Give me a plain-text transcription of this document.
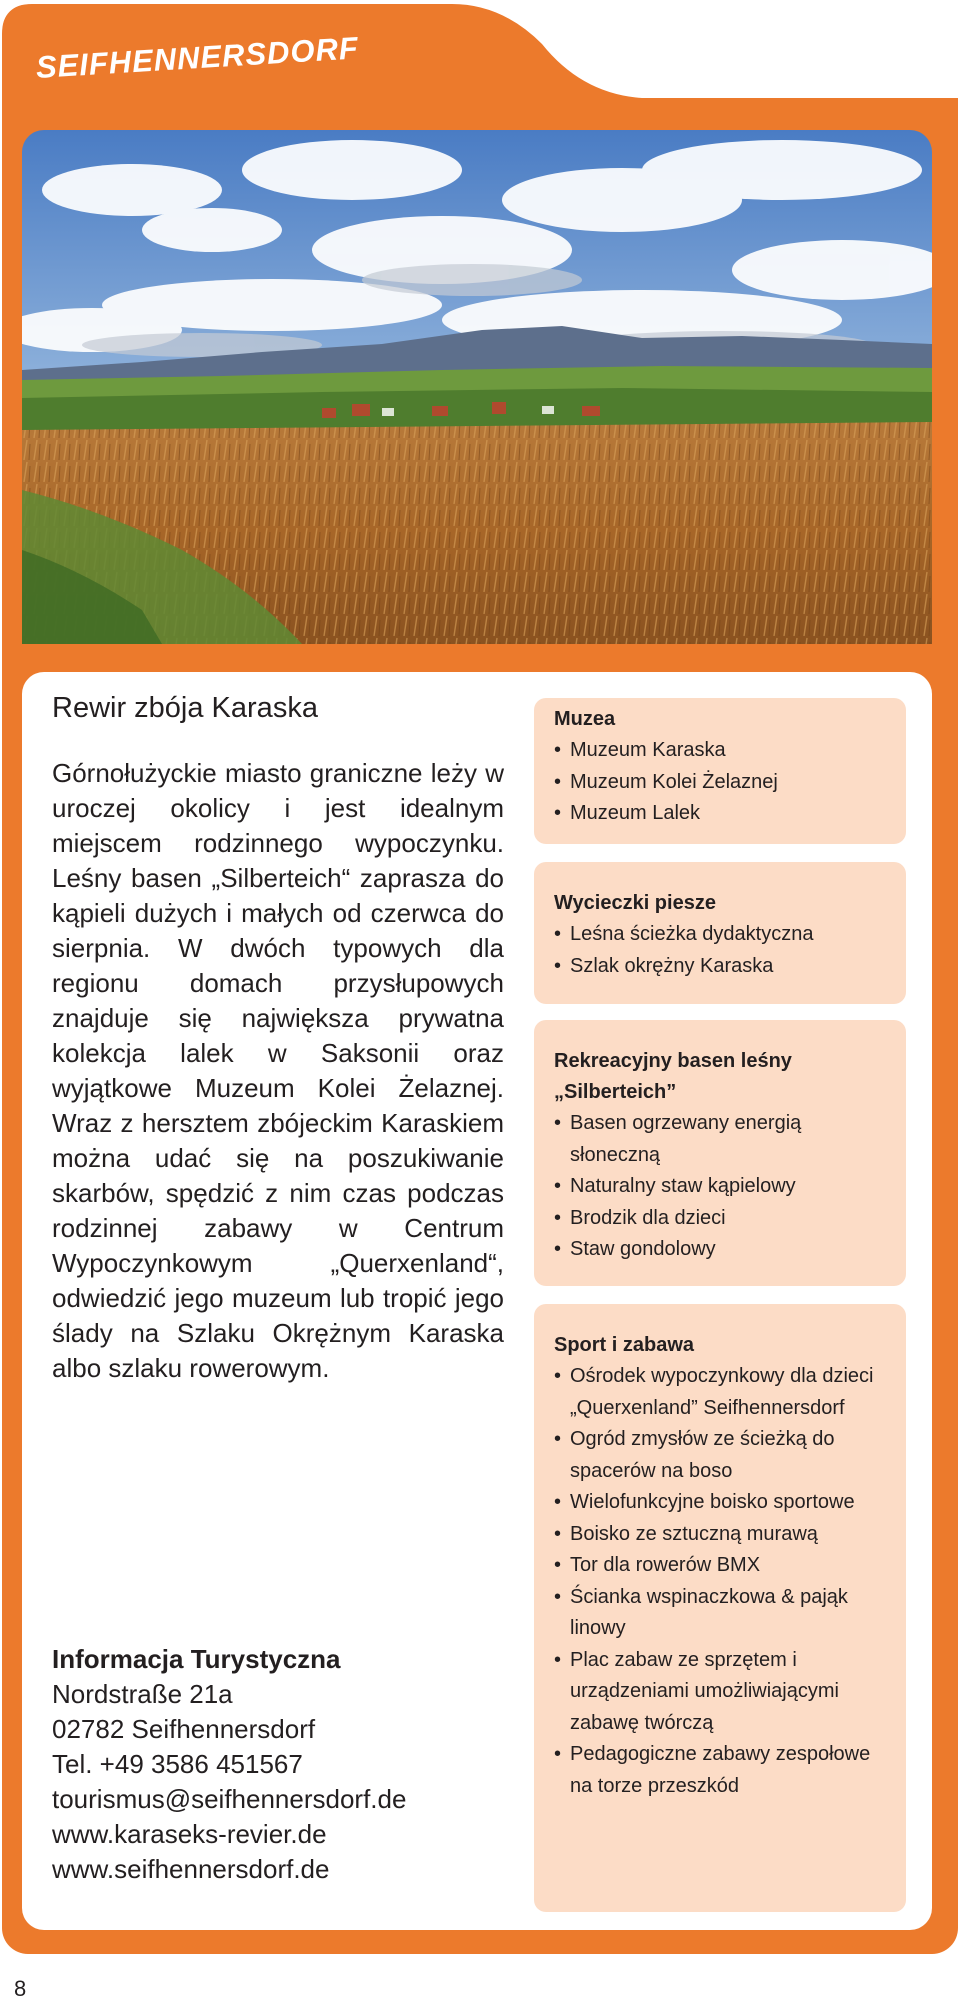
SEIFHENNERSDORF
Rewir zbója Karaska

Górnołużyckie miasto graniczne leży w uroczej okolicy i jest idealnym miejscem rodzinnego wypoczynku. Leśny basen „Silberteich“ zaprasza do kąpieli dużych i małych od czerwca do sierpnia. W dwóch typowych dla regionu domach przysłupowych znajduje się największa prywatna kolekcja lalek w Saksonii oraz wyjątkowe Muzeum Kolei Żelaznej. Wraz z hersztem zbójeckim Karaskiem można udać się na poszukiwanie skarbów, spędzić z nim czas podczas rodzinnej zabawy w Centrum Wypoczynkowym „Querxenland“, odwiedzić jego muzeum lub tropić jego ślady na Szlaku Okrężnym Karaska albo szlaku rowerowym.

Informacja Turystyczna
Nordstraße 21a
02782 Seifhennersdorf
Tel. +49 3586 451567
tourismus@seifhennersdorf.de
www.karaseks-revier.de
www.seifhennersdorf.de
Muzea
• Muzeum Karaska
• Muzeum Kolei Żelaznej
• Muzeum Lalek
Wycieczki piesze
• Leśna ścieżka dydaktyczna
• Szlak okrężny Karaska
Rekreacyjny basen leśny „Silberteich”
• Basen ogrzewany energią słoneczną
• Naturalny staw kąpielowy
• Brodzik dla dzieci
• Staw gondolowy
Sport i zabawa
• Ośrodek wypoczynkowy dla dzieci „Querxenland” Seifhennersdorf
• Ogród zmysłów ze ścieżką do spacerów na boso
• Wielofunkcyjne boisko sportowe
• Boisko ze sztuczną murawą
• Tor dla rowerów BMX
• Ścianka wspinaczkowa & pająk linowy
• Plac zabaw ze sprzętem i urządzeniami umożliwiającymi zabawę twórczą
• Pedagogiczne zabawy zespołowe na torze przeszkód
8
